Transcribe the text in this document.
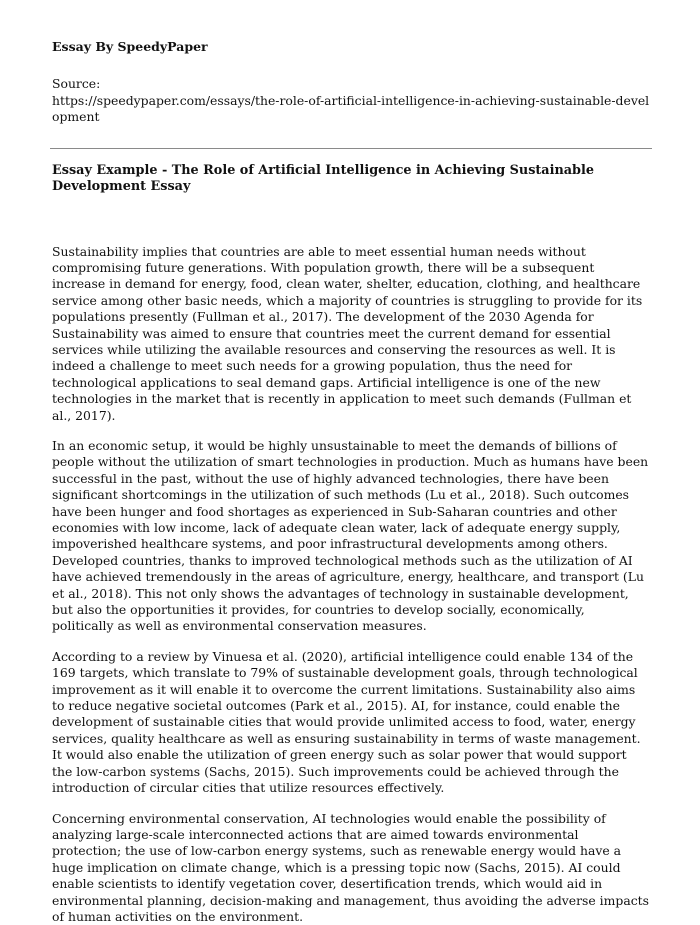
Essay By SpeedyPaper
Source:
https://speedypaper.com/essays/the-role-of-artificial-intelligence-in-achieving-sustainable-development
Essay Example - The Role of Artificial Intelligence in Achieving Sustainable Development Essay

Sustainability implies that countries are able to meet essential human needs without compromising future generations. With population growth, there will be a subsequent increase in demand for energy, food, clean water, shelter, education, clothing, and healthcare service among other basic needs, which a majority of countries is struggling to provide for its populations presently (Fullman et al., 2017). The development of the 2030 Agenda for Sustainability was aimed to ensure that countries meet the current demand for essential services while utilizing the available resources and conserving the resources as well. It is indeed a challenge to meet such needs for a growing population, thus the need for technological applications to seal demand gaps. Artificial intelligence is one of the new technologies in the market that is recently in application to meet such demands (Fullman et al., 2017).

In an economic setup, it would be highly unsustainable to meet the demands of billions of people without the utilization of smart technologies in production. Much as humans have been successful in the past, without the use of highly advanced technologies, there have been significant shortcomings in the utilization of such methods (Lu et al., 2018). Such outcomes have been hunger and food shortages as experienced in Sub-Saharan countries and other economies with low income, lack of adequate clean water, lack of adequate energy supply, impoverished healthcare systems, and poor infrastructural developments among others. Developed countries, thanks to improved technological methods such as the utilization of AI have achieved tremendously in the areas of agriculture, energy, healthcare, and transport (Lu et al., 2018). This not only shows the advantages of technology in sustainable development, but also the opportunities it provides, for countries to develop socially, economically, politically as well as environmental conservation measures.

According to a review by Vinuesa et al. (2020), artificial intelligence could enable 134 of the 169 targets, which translate to 79% of sustainable development goals, through technological improvement as it will enable it to overcome the current limitations. Sustainability also aims to reduce negative societal outcomes (Park et al., 2015). AI, for instance, could enable the development of sustainable cities that would provide unlimited access to food, water, energy services, quality healthcare as well as ensuring sustainability in terms of waste management. It would also enable the utilization of green energy such as solar power that would support the low-carbon systems (Sachs, 2015). Such improvements could be achieved through the introduction of circular cities that utilize resources effectively.

Concerning environmental conservation, AI technologies would enable the possibility of analyzing large-scale interconnected actions that are aimed towards environmental protection; the use of low-carbon energy systems, such as renewable energy would have a huge implication on climate change, which is a pressing topic now (Sachs, 2015). AI could enable scientists to identify vegetation cover, desertification trends, which would aid in environmental planning, decision-making and management, thus avoiding the adverse impacts of human activities on the environment.
